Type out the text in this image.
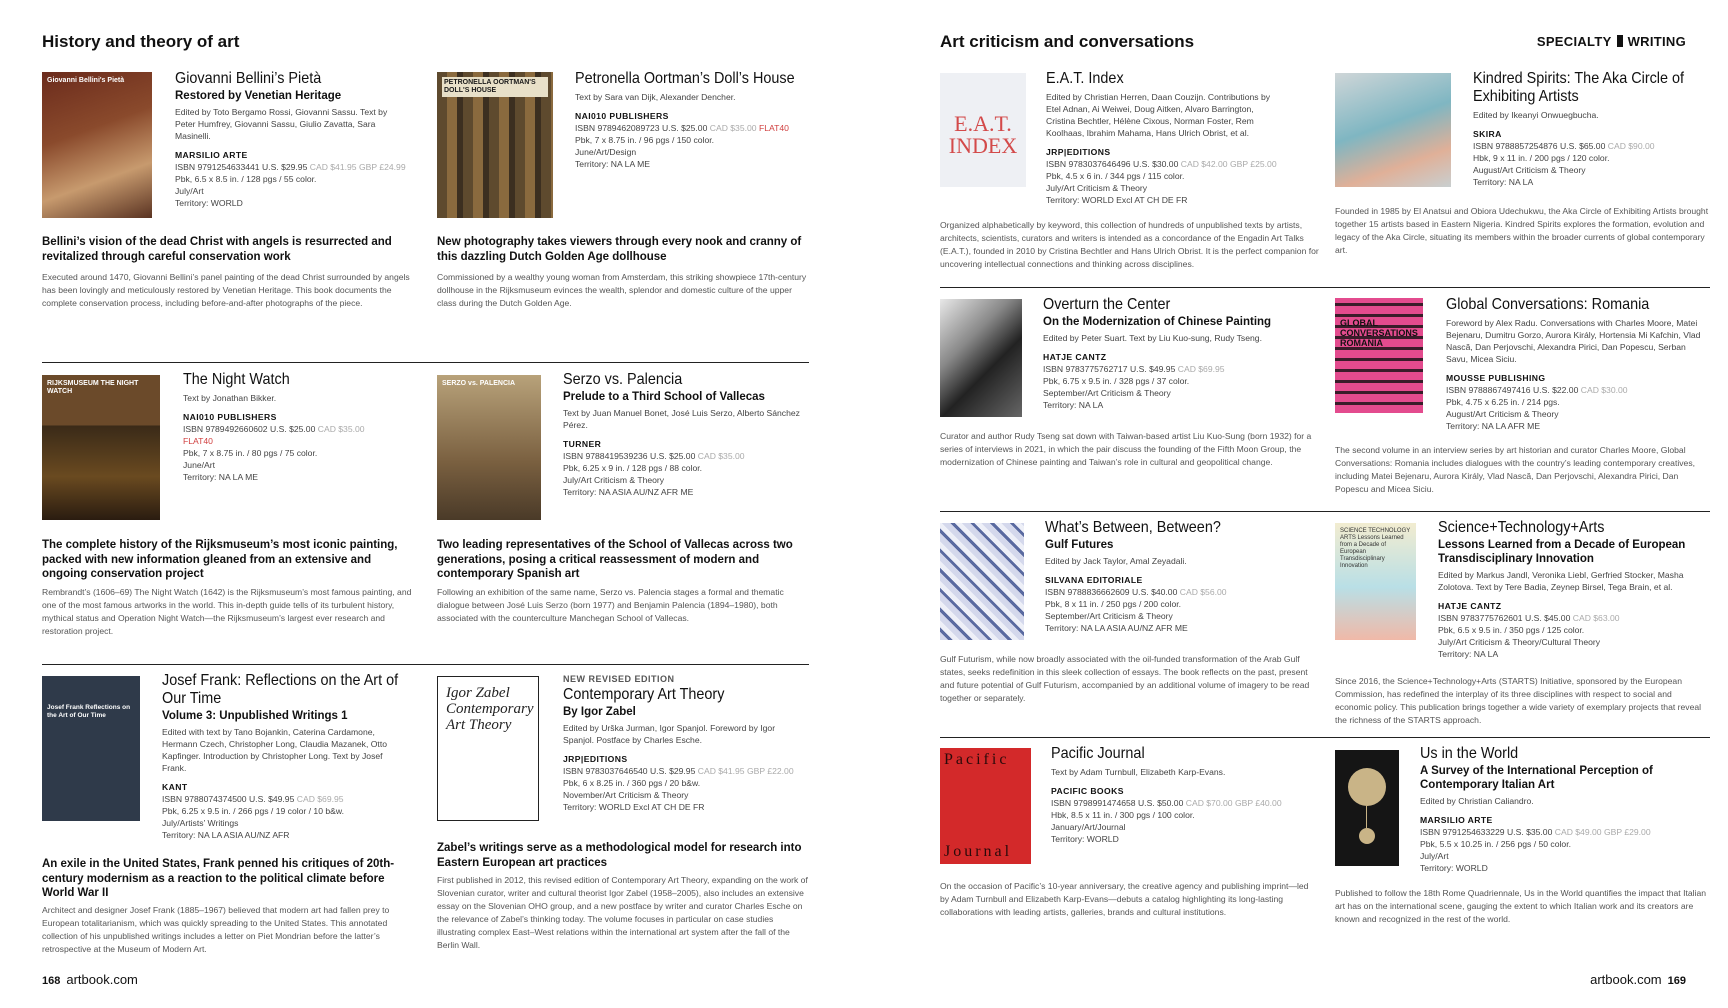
History and theory of art
Giovanni Bellini's Pietà	Giovanni Bellini’s Pietà
Restored by Venetian Heritage
Edited by Toto Bergamo Rossi, Giovanni Sassu. Text by Peter Humfrey, Giovanni Sassu, Giulio Zavatta, Sara Masinelli.
MARSILIO ARTE
ISBN 9791254633441 U.S. $29.95 CAD $41.95 GBP £24.99
Pbk, 6.5 x 8.5 in. / 128 pgs / 55 color.
July/Art
Territory: WORLD
Bellini’s vision of the dead Christ with angels is resurrected and revitalized through careful conservation work
Executed around 1470, Giovanni Bellini’s panel painting of the dead Christ surrounded by angels has been lovingly and meticulously restored by Venetian Heritage. This book documents the complete conservation process, including before-and-after photographs of the piece.
PETRONELLA OORTMAN'S DOLL'S HOUSE
Petronella Oortman’s Doll’s House
Text by Sara van Dijk, Alexander Dencher.
NAI010 PUBLISHERS
ISBN 9789462089723 U.S. $25.00 CAD $35.00 FLAT40
Pbk, 7 x 8.75 in. / 96 pgs / 150 color.
June/Art/Design
Territory: NA LA ME
New photography takes viewers through every nook and cranny of this dazzling Dutch Golden Age dollhouse
Commissioned by a wealthy young woman from Amsterdam, this striking showpiece 17th-century dollhouse in the Rijksmuseum evinces the wealth, splendor and domestic culture of the upper class during the Dutch Golden Age.
RIJKSMUSEUM THE NIGHT WATCH
The Night Watch
Text by Jonathan Bikker.
NAI010 PUBLISHERS
ISBN 9789492660602 U.S. $25.00 CAD $35.00
FLAT40
Pbk, 7 x 8.75 in. / 80 pgs / 75 color.
June/Art
Territory: NA LA ME
The complete history of the Rijksmuseum’s most iconic painting, packed with new information gleaned from an extensive and ongoing conservation project
Rembrandt’s (1606–69) The Night Watch (1642) is the Rijksmuseum’s most famous painting, and one of the most famous artworks in the world. This in-depth guide tells of its turbulent history, mythical status and Operation Night Watch—the Rijksmuseum’s largest ever research and restoration project.
SERZO vs. PALENCIA	Serzo vs. Palencia
Prelude to a Third School of Vallecas
Text by Juan Manuel Bonet, José Luis Serzo, Alberto Sánchez Pérez.
TURNER
ISBN 9788419539236 U.S. $25.00 CAD $35.00
Pbk, 6.25 x 9 in. / 128 pgs / 88 color.
July/Art Criticism & Theory
Territory: NA ASIA AU/NZ AFR ME
Two leading representatives of the School of Vallecas across two generations, posing a critical reassessment of modern and contemporary Spanish art
Following an exhibition of the same name, Serzo vs. Palencia stages a formal and thematic dialogue between José Luis Serzo (born 1977) and Benjamin Palencia (1894–1980), both associated with the counterculture Manchegan School of Vallecas.
Josef Frank Reflections on the Art of Our Time
Josef Frank: Reflections on the Art of Our Time
Volume 3: Unpublished Writings 1
Edited with text by Tano Bojankin, Caterina Cardamone, Hermann Czech, Christopher Long, Claudia Mazanek, Otto Kapfinger. Introduction by Christopher Long. Text by Josef Frank.
KANT
ISBN 9788074374500 U.S. $49.95 CAD $69.95
Pbk, 6.25 x 9.5 in. / 266 pgs / 19 color / 10 b&w.
July/Artists’ Writings
Territory: NA LA ASIA AU/NZ AFR
An exile in the United States, Frank penned his critiques of 20th-century modernism as a reaction to the political climate before World War II
Architect and designer Josef Frank (1885–1967) believed that modern art had fallen prey to European totalitarianism, which was quickly spreading to the United States. This annotated collection of his unpublished writings includes a letter on Piet Mondrian before the latter’s retrospective at the Museum of Modern Art.
Igor Zabel Contemporary Art Theory
NEW REVISED EDITION
Contemporary Art Theory
By Igor Zabel
Edited by Urška Jurman, Igor Spanjol. Foreword by Igor Spanjol. Postface by Charles Esche.
JRP|EDITIONS
ISBN 9783037646540 U.S. $29.95 CAD $41.95 GBP £22.00
Pbk, 6 x 8.25 in. / 360 pgs / 20 b&w.
November/Art Criticism & Theory
Territory: WORLD Excl AT CH DE FR
Zabel’s writings serve as a methodological model for research into Eastern European art practices
First published in 2012, this revised edition of Contemporary Art Theory, expanding on the work of Slovenian curator, writer and cultural theorist Igor Zabel (1958–2005), also includes an extensive essay on the Slovenian OHO group, and a new postface by writer and curator Charles Esche on the relevance of Zabel’s thinking today. The volume focuses in particular on case studies illustrating complex East–West relations within the international art system after the fall of the Berlin Wall.
168 artbook.com
Art criticism and conversations	SPECIALTY WRITING
E.A.T. INDEX
E.A.T. Index
Edited by Christian Herren, Daan Couzijn. Contributions by Etel Adnan, Ai Weiwei, Doug Aitken, Alvaro Barrington, Cristina Bechtler, Hélène Cixous, Norman Foster, Rem Koolhaas, Ibrahim Mahama, Hans Ulrich Obrist, et al.
JRP|EDITIONS
ISBN 9783037646496 U.S. $30.00 CAD $42.00 GBP £25.00
Pbk, 4.5 x 6 in. / 344 pgs / 115 color.
July/Art Criticism & Theory
Territory: WORLD Excl AT CH DE FR
Organized alphabetically by keyword, this collection of hundreds of unpublished texts by artists, architects, scientists, curators and writers is intended as a concordance of the Engadin Art Talks (E.A.T.), founded in 2010 by Cristina Bechtler and Hans Ulrich Obrist. It is the perfect companion for uncovering intellectual connections and thinking across disciplines.
Kindred Spirits: The Aka Circle of Exhibiting Artists
Edited by Ikeanyi Onwuegbucha.
SKIRA
ISBN 9788857254876 U.S. $65.00 CAD $90.00
Hbk, 9 x 11 in. / 200 pgs / 120 color.
August/Art Criticism & Theory
Territory: NA LA
Founded in 1985 by El Anatsui and Obiora Udechukwu, the Aka Circle of Exhibiting Artists brought together 15 artists based in Eastern Nigeria. Kindred Spirits explores the formation, evolution and legacy of the Aka Circle, situating its members within the broader currents of global contemporary art.
Overturn the Center
On the Modernization of Chinese Painting
Edited by Peter Suart. Text by Liu Kuo-sung, Rudy Tseng.
HATJE CANTZ
ISBN 9783775762717 U.S. $49.95 CAD $69.95
Pbk, 6.75 x 9.5 in. / 328 pgs / 37 color.
September/Art Criticism & Theory
Territory: NA LA
Curator and author Rudy Tseng sat down with Taiwan-based artist Liu Kuo-Sung (born 1932) for a series of interviews in 2021, in which the pair discuss the founding of the Fifth Moon Group, the modernization of Chinese painting and Taiwan’s role in cultural and geopolitical change.
GLOBAL CONVERSATIONS ROMANIA
Global Conversations: Romania
Foreword by Alex Radu. Conversations with Charles Moore, Matei Bejenaru, Dumitru Gorzo, Aurora Király, Hortensia Mi Kafchin, Vlad Nască, Dan Perjovschi, Alexandra Pirici, Dan Popescu, Serban Savu, Micea Siciu.
MOUSSE PUBLISHING
ISBN 9788867497416 U.S. $22.00 CAD $30.00
Pbk, 4.75 x 6.25 in. / 214 pgs.
August/Art Criticism & Theory
Territory: NA LA AFR ME
The second volume in an interview series by art historian and curator Charles Moore, Global Conversations: Romania includes dialogues with the country’s leading contemporary creatives, including Matei Bejenaru, Aurora Király, Vlad Nască, Dan Perjovschi, Alexandra Pirici, Dan Popescu and Micea Siciu.
What’s Between, Between?
Gulf Futures
Edited by Jack Taylor, Amal Zeyadali.
SILVANA EDITORIALE
ISBN 9788836662609 U.S. $40.00 CAD $56.00
Pbk, 8 x 11 in. / 250 pgs / 200 color.
September/Art Criticism & Theory
Territory: NA LA ASIA AU/NZ AFR ME
Gulf Futurism, while now broadly associated with the oil-funded transformation of the Arab Gulf states, seeks redefinition in this sleek collection of essays. The book reflects on the past, present and future potential of Gulf Futurism, accompanied by an additional volume of imagery to be read together or separately.
SCIENCE TECHNOLOGY ARTS Lessons Learned from a Decade of European Transdisciplinary Innovation
Science+Technology+Arts
Lessons Learned from a Decade of European Transdisciplinary Innovation
Edited by Markus Jandl, Veronika Liebl, Gerfried Stocker, Masha Zolotova. Text by Tere Badia, Zeynep Birsel, Tega Brain, et al.
HATJE CANTZ
ISBN 9783775762601 U.S. $45.00 CAD $63.00
Pbk, 6.5 x 9.5 in. / 350 pgs / 125 color.
July/Art Criticism & Theory/Cultural Theory
Territory: NA LA
Since 2016, the Science+Technology+Arts (STARTS) Initiative, sponsored by the European Commission, has redefined the interplay of its three disciplines with respect to social and economic policy. This publication brings together a wide variety of exemplary projects that reveal the richness of the STARTS approach.
Pacific
Journal
Pacific Journal
Text by Adam Turnbull, Elizabeth Karp-Evans.
PACIFIC BOOKS
ISBN 9798991474658 U.S. $50.00 CAD $70.00 GBP £40.00
Hbk, 8.5 x 11 in. / 300 pgs / 100 color.
January/Art/Journal
Territory: WORLD
On the occasion of Pacific’s 10-year anniversary, the creative agency and publishing imprint—led by Adam Turnbull and Elizabeth Karp-Evans—debuts a catalog highlighting its long-lasting collaborations with leading artists, galleries, brands and cultural institutions.
Us in the World
A Survey of the International Perception of Contemporary Italian Art
Edited by Christian Caliandro.
MARSILIO ARTE
ISBN 9791254633229 U.S. $35.00 CAD $49.00 GBP £29.00
Pbk, 5.5 x 10.25 in. / 256 pgs / 50 color.
July/Art
Territory: WORLD
Published to follow the 18th Rome Quadriennale, Us in the World quantifies the impact that Italian art has on the international scene, gauging the extent to which Italian work and its creators are known and recognized in the rest of the world.
artbook.com 169
